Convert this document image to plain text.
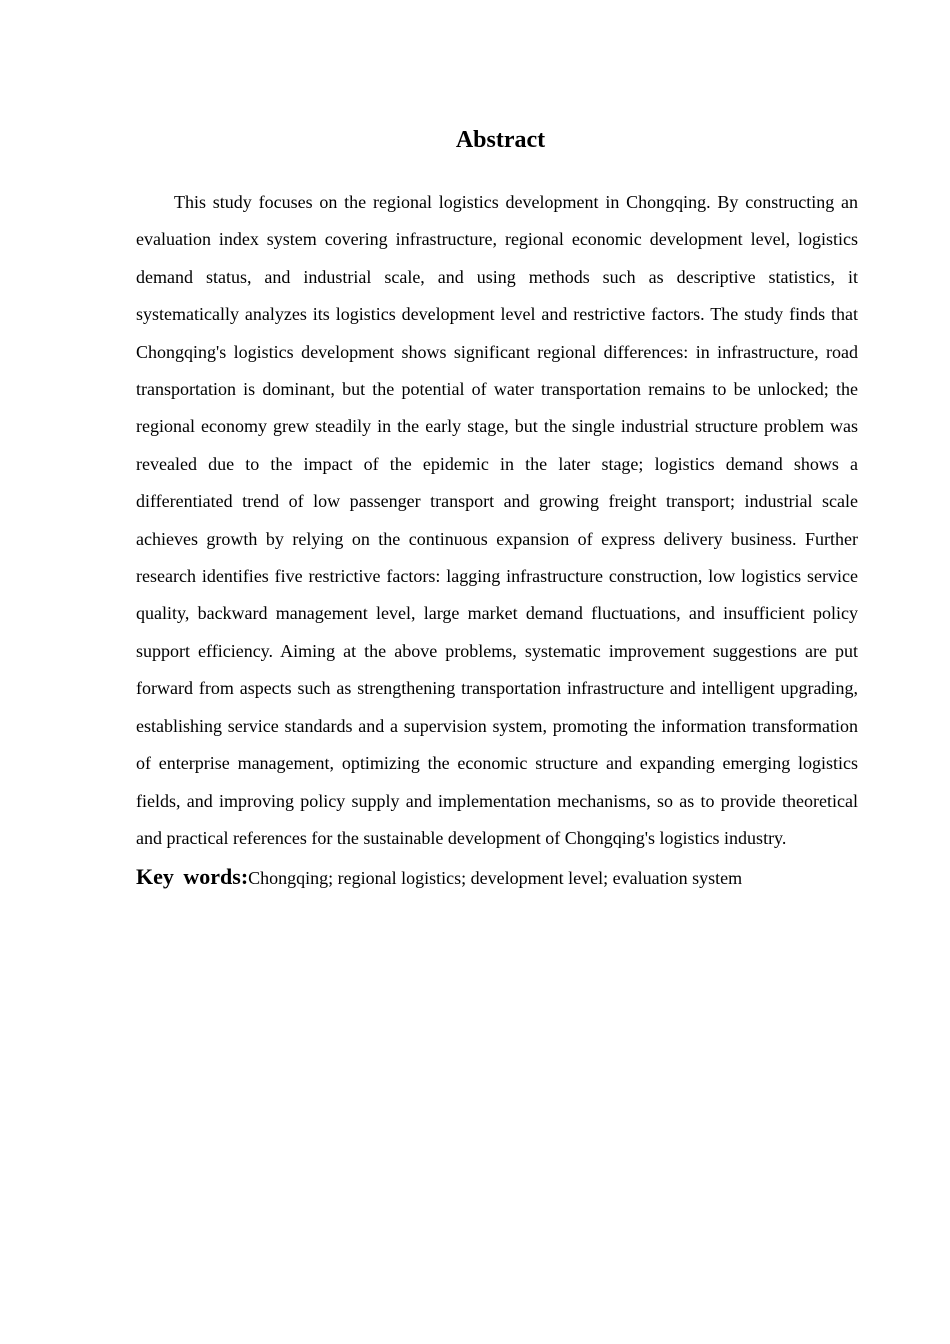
Abstract

This study focuses on the regional logistics development in Chongqing. By constructing an evaluation index system covering infrastructure, regional economic development level, logistics demand status, and industrial scale, and using methods such as descriptive statistics, it systematically analyzes its logistics development level and restrictive factors. The study finds that Chongqing's logistics development shows significant regional differences: in infrastructure, road transportation is dominant, but the potential of water transportation remains to be unlocked; the regional economy grew steadily in the early stage, but the single industrial structure problem was revealed due to the impact of the epidemic in the later stage; logistics demand shows a differentiated trend of low passenger transport and growing freight transport; industrial scale achieves growth by relying on the continuous expansion of express delivery business. Further research identifies five restrictive factors: lagging infrastructure construction, low logistics service quality, backward management level, large market demand fluctuations, and insufficient policy support efficiency. Aiming at the above problems, systematic improvement suggestions are put forward from aspects such as strengthening transportation infrastructure and intelligent upgrading, establishing service standards and a supervision system, promoting the information transformation of enterprise management, optimizing the economic structure and expanding emerging logistics fields, and improving policy supply and implementation mechanisms, so as to provide theoretical and practical references for the sustainable development of Chongqing's logistics industry.

Key words:Chongqing; regional logistics; development level; evaluation system
